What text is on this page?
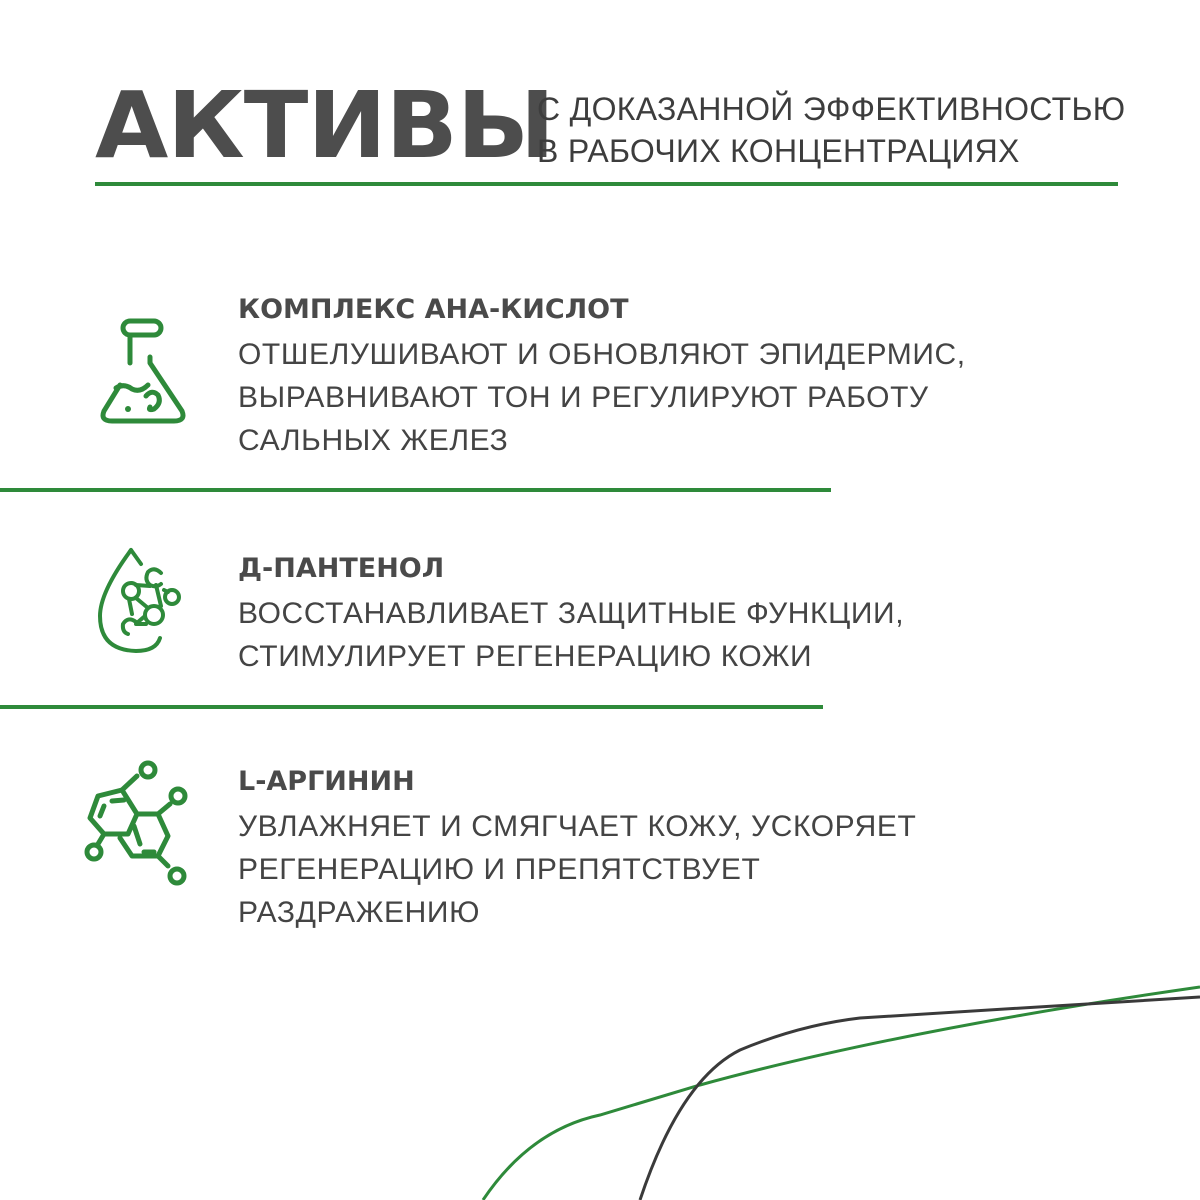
АКТИВЫ
С ДОКАЗАННОЙ ЭФФЕКТИВНОСТЬЮ
В РАБОЧИХ КОНЦЕНТРАЦИЯХ
КОМПЛЕКС АНА-КИСЛОТ
ОТШЕЛУШИВАЮТ И ОБНОВЛЯЮТ ЭПИДЕРМИС,
ВЫРАВНИВАЮТ ТОН И РЕГУЛИРУЮТ РАБОТУ
САЛЬНЫХ ЖЕЛЕЗ
Д-ПАНТЕНОЛ
ВОССТАНАВЛИВАЕТ ЗАЩИТНЫЕ ФУНКЦИИ,
СТИМУЛИРУЕТ РЕГЕНЕРАЦИЮ КОЖИ
L-АРГИНИН
УВЛАЖНЯЕТ И СМЯГЧАЕТ КОЖУ, УСКОРЯЕТ
РЕГЕНЕРАЦИЮ И ПРЕПЯТСТВУЕТ
РАЗДРАЖЕНИЮ
